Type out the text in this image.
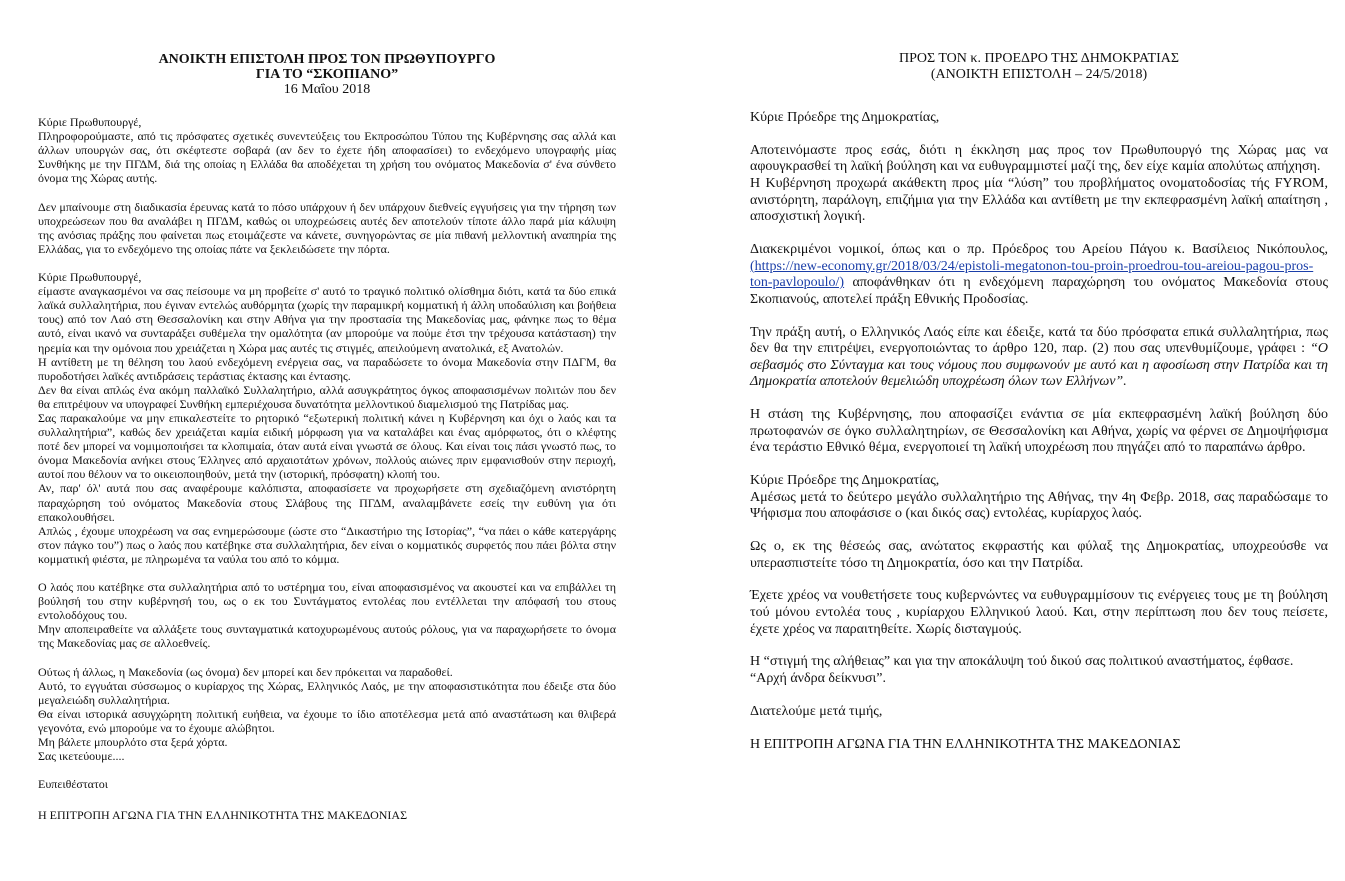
ΑΝΟΙΚΤΗ ΕΠΙΣΤΟΛΗ ΠΡΟΣ ΤΟΝ ΠΡΩΘΥΠΟΥΡΓΟ
ΓΙΑ ΤΟ “ΣΚΟΠΙΑΝΟ”
16 Μαΐου 2018

Κύριε Πρωθυπουργέ,
Πληροφορούμαστε, από τις πρόσφατες σχετικές συνεντεύξεις του Εκπροσώπου Τύπου της Κυβέρνησης σας αλλά και άλλων υπουργών σας, ότι σκέφτεστε σοβαρά (αν δεν το έχετε ήδη αποφασίσει) το ενδεχόμενο υπογραφής μίας Συνθήκης με την ΠΓΔΜ, διά της οποίας η Ελλάδα θα αποδέχεται τη χρήση του ονόματος Μακεδονία σ' ένα σύνθετο όνομα της Χώρας αυτής.

Δεν μπαίνουμε στη διαδικασία έρευνας κατά το πόσο υπάρχουν ή δεν υπάρχουν διεθνείς εγγυήσεις για την τήρηση των υποχρεώσεων που θα αναλάβει η ΠΓΔΜ, καθώς οι υποχρεώσεις αυτές δεν αποτελούν τίποτε άλλο παρά μία κάλυψη της ανόσιας πράξης που φαίνεται πως ετοιμάζεστε να κάνετε, συνηγορώντας σε μία πιθανή μελλοντική αναπηρία της Ελλάδας, για το ενδεχόμενο της οποίας πάτε να ξεκλειδώσετε την πόρτα.

Κύριε Πρωθυπουργέ,
είμαστε αναγκασμένοι να σας πείσουμε να μη προβείτε σ' αυτό το τραγικό πολιτικό ολίσθημα διότι, κατά τα δύο επικά λαϊκά συλλαλητήρια, που έγιναν εντελώς αυθόρμητα (χωρίς την παραμικρή κομματική ή άλλη υποδαύλιση και βοήθεια τους) από τον Λαό στη Θεσσαλονίκη και στην Αθήνα για την προστασία της Μακεδονίας μας, φάνηκε πως το θέμα αυτό, είναι ικανό να συνταράξει συθέμελα την ομαλότητα (αν μπορούμε να πούμε έτσι την τρέχουσα κατάσταση) την ηρεμία και την ομόνοια που χρειάζεται η Χώρα μας αυτές τις στιγμές, απειλούμενη ανατολικά, εξ Ανατολών.
Η αντίθετη με τη θέληση του λαού ενδεχόμενη ενέργεια σας, να παραδώσετε το όνομα Μακεδονία στην ΠΔΓΜ, θα πυροδοτήσει λαϊκές αντιδράσεις τεράστιας έκτασης και έντασης.
Δεν θα είναι απλώς ένα ακόμη παλλαϊκό Συλλαλητήριο, αλλά ασυγκράτητος όγκος αποφασισμένων πολιτών που δεν θα επιτρέψουν να υπογραφεί Συνθήκη εμπεριέχουσα δυνατότητα μελλοντικού διαμελισμού της Πατρίδας μας.
Σας παρακαλούμε να μην επικαλεστείτε το ρητορικό “εξωτερική πολιτική κάνει η Κυβέρνηση και όχι ο λαός και τα συλλαλητήρια”, καθώς δεν χρειάζεται καμία ειδική μόρφωση για να καταλάβει και ένας αμόρφωτος, ότι ο κλέφτης ποτέ δεν μπορεί να νομιμοποιήσει τα κλοπιμαία, όταν αυτά είναι γνωστά σε όλους. Και είναι τοις πάσι γνωστό πως, το όνομα Μακεδονία ανήκει στους Έλληνες από αρχαιοτάτων χρόνων, πολλούς αιώνες πριν εμφανισθούν στην περιοχή, αυτοί που θέλουν να το οικειοποιηθούν, μετά την (ιστορική, πρόσφατη) κλοπή του.
Αν, παρ' όλ' αυτά που σας αναφέρουμε καλόπιστα, αποφασίσετε να προχωρήσετε στη σχεδιαζόμενη ανιστόρητη παραχώρηση τού ονόματος Μακεδονία στους Σλάβους της ΠΓΔΜ, αναλαμβάνετε εσείς την ευθύνη για ότι επακολουθήσει.
Απλώς , έχουμε υποχρέωση να σας ενημερώσουμε (ώστε στο “Δικαστήριο της Ιστορίας”, “να πάει ο κάθε κατεργάρης στον πάγκο του”) πως ο λαός που κατέβηκε στα συλλαλητήρια, δεν είναι ο κομματικός συρφετός που πάει βόλτα στην κομματική φιέστα, με πληρωμένα τα ναύλα του από το κόμμα.

Ο λαός που κατέβηκε στα συλλαλητήρια από το υστέρημα του, είναι αποφασισμένος να ακουστεί και να επιβάλλει τη βούλησή του στην κυβέρνησή του, ως ο εκ του Συντάγματος εντολέας που εντέλλεται την απόφασή του στους εντολοδόχους του.
Μην αποπειραθείτε να αλλάξετε τους συνταγματικά κατοχυρωμένους αυτούς ρόλους, για να παραχωρήσετε το όνομα της Μακεδονίας μας σε αλλοεθνείς.

Ούτως ή άλλως, η Μακεδονία (ως όνομα) δεν μπορεί και δεν πρόκειται να παραδοθεί.
Αυτό, το εγγυάται σύσσωμος ο κυρίαρχος της Χώρας, Ελληνικός Λαός, με την αποφασιστικότητα που έδειξε στα δύο μεγαλειώδη συλλαλητήρια.
Θα είναι ιστορικά ασυγχώρητη πολιτική ευήθεια, να έχουμε το ίδιο αποτέλεσμα μετά από αναστάτωση και θλιβερά γεγονότα, ενώ μπορούμε να το έχουμε αλώβητοι.
Μη βάλετε μπουρλότο στα ξερά χόρτα.
Σας ικετεύουμε....

Ευπειθέστατοι

Η ΕΠΙΤΡΟΠΗ ΑΓΩΝΑ ΓΙΑ ΤΗΝ ΕΛΛΗΝΙΚΟΤΗΤΑ ΤΗΣ ΜΑΚΕΔΟΝΙΑΣ

ΠΡΟΣ ΤΟΝ κ. ΠΡΟΕΔΡΟ ΤΗΣ ΔΗΜΟΚΡΑΤΙΑΣ
(ΑΝΟΙΚΤΗ ΕΠΙΣΤΟΛΗ – 24/5/2018)

Κύριε Πρόεδρε της Δημοκρατίας,

Αποτεινόμαστε προς εσάς, διότι η έκκληση μας προς τον Πρωθυπουργό της Χώρας μας να αφουγκρασθεί τη λαϊκή βούληση και να ευθυγραμμιστεί μαζί της, δεν είχε καμία απολύτως απήχηση.
Η Κυβέρνηση προχωρά ακάθεκτη προς μία “λύση” του προβλήματος ονοματοδοσίας τής FYROM, ανιστόρητη, παράλογη, επιζήμια για την Ελλάδα και αντίθετη με την εκπεφρασμένη λαϊκή απαίτηση , αποσχιστική λογική.

Διακεκριμένοι νομικοί, όπως και ο πρ. Πρόεδρος του Αρείου Πάγου κ. Βασίλειος Νικόπουλος, (https://new-economy.gr/2018/03/24/epistoli-megatonon-tou-proin-proedrou-tou-areiou-pagou-pros-ton-pavlopoulo/) αποφάνθηκαν ότι η ενδεχόμενη παραχώρηση του ονόματος Μακεδονία στους Σκοπιανούς, αποτελεί πράξη Εθνικής Προδοσίας.

Την πράξη αυτή, ο Ελληνικός Λαός είπε και έδειξε, κατά τα δύο πρόσφατα επικά συλλαλητήρια, πως δεν θα την επιτρέψει, ενεργοποιώντας το άρθρο 120, παρ. (2) που σας υπενθυμίζουμε, γράφει : “Ο σεβασμός στο Σύνταγμα και τους νόμους που συμφωνούν με αυτό και η αφοσίωση στην Πατρίδα και τη Δημοκρατία αποτελούν θεμελιώδη υποχρέωση όλων των Ελλήνων”.

Η στάση της Κυβέρνησης, που αποφασίζει ενάντια σε μία εκπεφρασμένη λαϊκή βούληση δύο πρωτοφανών σε όγκο συλλαλητηρίων, σε Θεσσαλονίκη και Αθήνα, χωρίς να φέρνει σε Δημοψήφισμα ένα τεράστιο Εθνικό θέμα, ενεργοποιεί τη λαϊκή υποχρέωση που πηγάζει από το παραπάνω άρθρο.

Κύριε Πρόεδρε της Δημοκρατίας,
Αμέσως μετά το δεύτερο μεγάλο συλλαλητήριο της Αθήνας, την 4η Φεβρ. 2018, σας παραδώσαμε το Ψήφισμα που αποφάσισε ο (και δικός σας) εντολέας, κυρίαρχος λαός.

Ως ο, εκ της θέσεώς σας, ανώτατος εκφραστής και φύλαξ της Δημοκρατίας, υποχρεούσθε να υπερασπιστείτε τόσο τη Δημοκρατία, όσο και την Πατρίδα.

Έχετε χρέος να νουθετήσετε τους κυβερνώντες να ευθυγραμμίσουν τις ενέργειες τους με τη βούληση τού μόνου εντολέα τους , κυρίαρχου Ελληνικού λαού. Και, στην περίπτωση που δεν τους πείσετε, έχετε χρέος να παραιτηθείτε. Χωρίς δισταγμούς.

Η “στιγμή της αλήθειας” και για την αποκάλυψη τού δικού σας πολιτικού αναστήματος, έφθασε.
“Αρχή άνδρα δείκνυσι”.

Διατελούμε μετά τιμής,

Η ΕΠΙΤΡΟΠΗ ΑΓΩΝΑ ΓΙΑ ΤΗΝ ΕΛΛΗΝΙΚΟΤΗΤΑ ΤΗΣ ΜΑΚΕΔΟΝΙΑΣ
